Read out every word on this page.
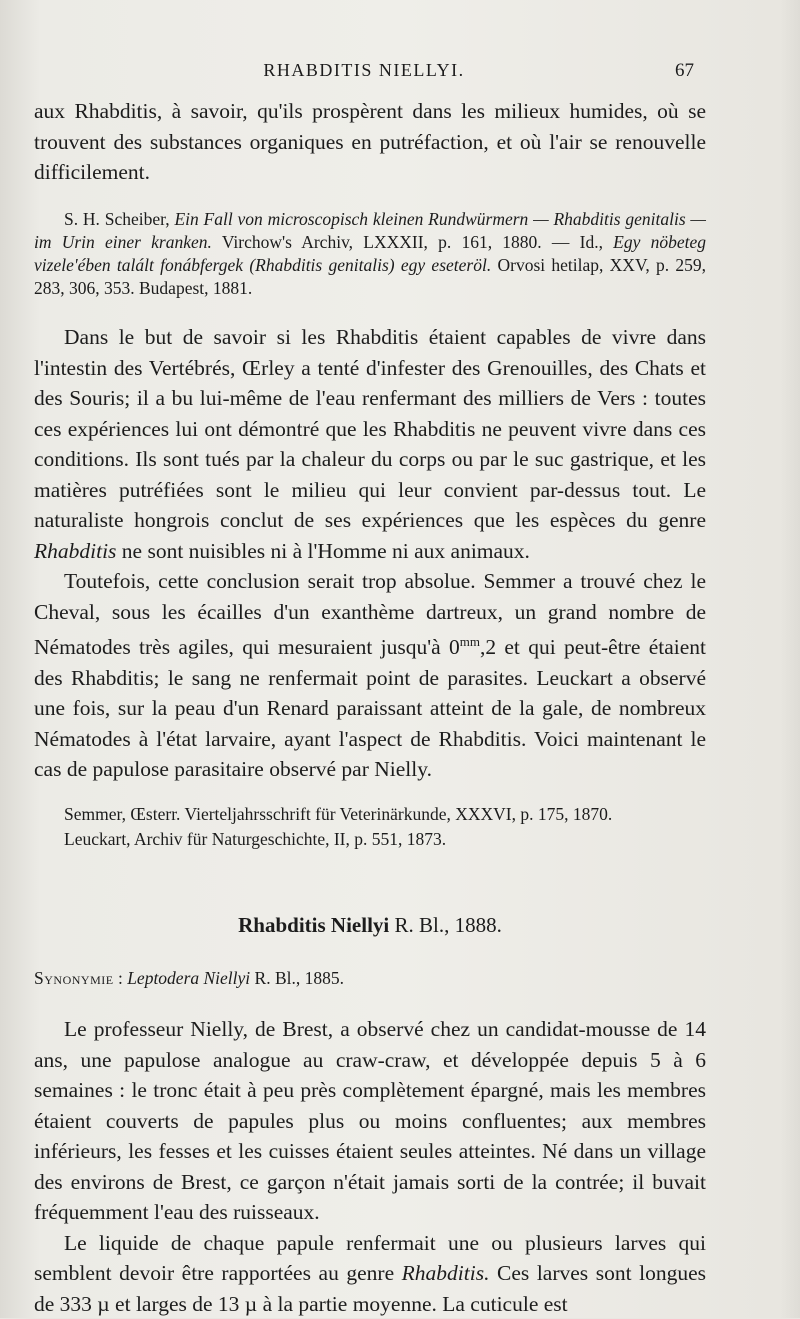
RHABDITIS NIELLYI.	67

aux Rhabditis, à savoir, qu'ils prospèrent dans les milieux humides, où se trouvent des substances organiques en putréfaction, et où l'air se renouvelle difficilement.

S. H. Scheiber, Ein Fall von microscopisch kleinen Rundwürmern — Rhabditis genitalis — im Urin einer kranken. Virchow's Archiv, LXXXII, p. 161, 1880. — Id., Egy nöbeteg vizele'ében talált fonábfergek (Rhabditis genitalis) egy eseteröl. Orvosi hetilap, XXV, p. 259, 283, 306, 353. Budapest, 1881.

Dans le but de savoir si les Rhabditis étaient capables de vivre dans l'intestin des Vertébrés, Œrley a tenté d'infester des Grenouilles, des Chats et des Souris; il a bu lui-même de l'eau renfermant des milliers de Vers : toutes ces expériences lui ont démontré que les Rhabditis ne peuvent vivre dans ces conditions. Ils sont tués par la chaleur du corps ou par le suc gastrique, et les matières putréfiées sont le milieu qui leur convient par-dessus tout. Le naturaliste hongrois conclut de ses expériences que les espèces du genre Rhabditis ne sont nuisibles ni à l'Homme ni aux animaux.

Toutefois, cette conclusion serait trop absolue. Semmer a trouvé chez le Cheval, sous les écailles d'un exanthème dartreux, un grand nombre de Nématodes très agiles, qui mesuraient jusqu'à $0^{mm},2$ et qui peut-être étaient des Rhabditis; le sang ne renfermait point de parasites. Leuckart a observé une fois, sur la peau d'un Renard paraissant atteint de la gale, de nombreux Nématodes à l'état larvaire, ayant l'aspect de Rhabditis. Voici maintenant le cas de papulose parasitaire observé par Nielly.

Semmer, Œsterr. Vierteljahrsschrift für Veterinärkunde, XXXVI, p. 175, 1870.

Leuckart, Archiv für Naturgeschichte, II, p. 551, 1873.

Rhabditis Niellyi R. Bl., 1888.
Synonymie : Leptodera Niellyi R. Bl., 1885.

Le professeur Nielly, de Brest, a observé chez un candidat-mousse de 14 ans, une papulose analogue au craw-craw, et développée depuis 5 à 6 semaines : le tronc était à peu près complètement épargné, mais les membres étaient couverts de papules plus ou moins confluentes; aux membres inférieurs, les fesses et les cuisses étaient seules atteintes. Né dans un village des environs de Brest, ce garçon n'était jamais sorti de la contrée; il buvait fréquemment l'eau des ruisseaux.

Le liquide de chaque papule renfermait une ou plusieurs larves qui semblent devoir être rapportées au genre Rhabditis. Ces larves sont longues de 333 µ et larges de 13 µ à la partie moyenne. La cuticule est
